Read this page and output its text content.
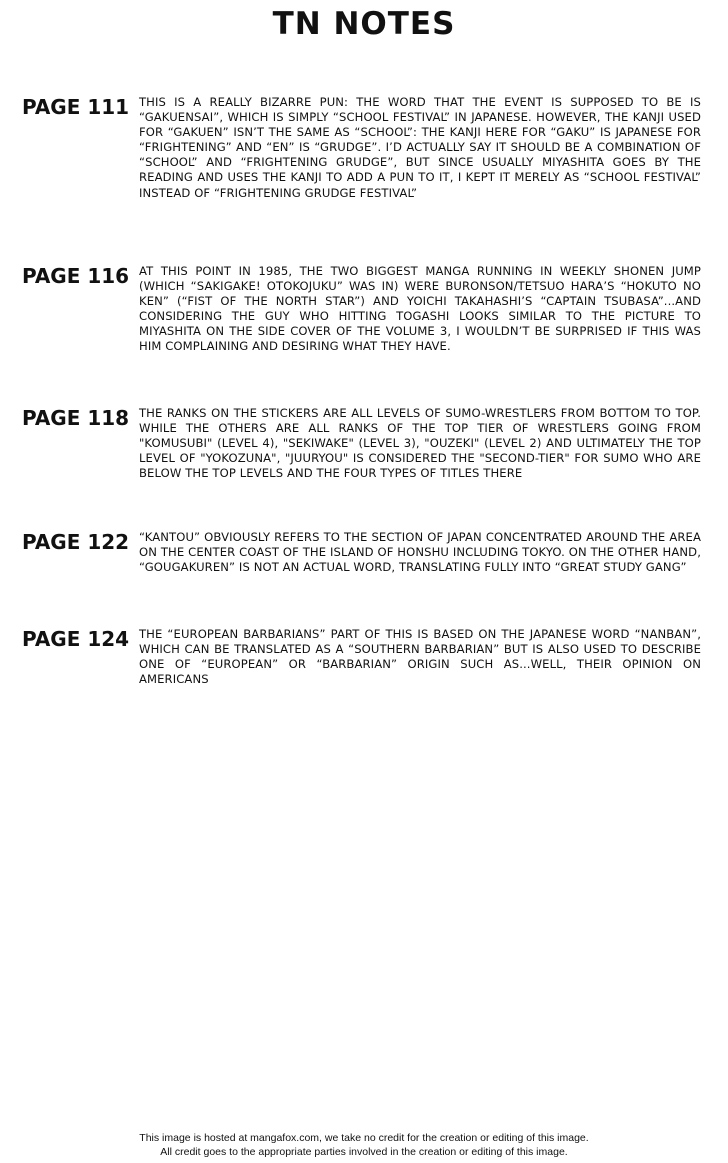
TN NOTES
PAGE 111 THIS IS A REALLY BIZARRE PUN: THE WORD THAT THE EVENT IS SUPPOSED TO BE IS “GAKUENSAI”, WHICH IS SIMPLY “SCHOOL FESTIVAL” IN JAPANESE. HOWEVER, THE KANJI USED FOR “GAKUEN” ISN’T THE SAME AS “SCHOOL”: THE KANJI HERE FOR “GAKU” IS JAPANESE FOR “FRIGHTENING” AND “EN” IS “GRUDGE”. I’D ACTUALLY SAY IT SHOULD BE A COMBINATION OF “SCHOOL” AND “FRIGHTENING GRUDGE”, BUT SINCE USUALLY MIYASHITA GOES BY THE READING AND USES THE KANJI TO ADD A PUN TO IT, I KEPT IT MERELY AS “SCHOOL FESTIVAL” INSTEAD OF “FRIGHTENING GRUDGE FESTIVAL”
PAGE 116 AT THIS POINT IN 1985, THE TWO BIGGEST MANGA RUNNING IN WEEKLY SHONEN JUMP (WHICH “SAKIGAKE! OTOKOJUKU” WAS IN) WERE BURONSON/TETSUO HARA’S “HOKUTO NO KEN” (“FIST OF THE NORTH STAR”) AND YOICHI TAKAHASHI’S “CAPTAIN TSUBASA”...AND CONSIDERING THE GUY WHO HITTING TOGASHI LOOKS SIMILAR TO THE PICTURE TO MIYASHITA ON THE SIDE COVER OF THE VOLUME 3, I WOULDN’T BE SURPRISED IF THIS WAS HIM COMPLAINING AND DESIRING WHAT THEY HAVE.
PAGE 118 THE RANKS ON THE STICKERS ARE ALL LEVELS OF SUMO-WRESTLERS FROM BOTTOM TO TOP. WHILE THE OTHERS ARE ALL RANKS OF THE TOP TIER OF WRESTLERS GOING FROM "KOMUSUBI" (LEVEL 4), "SEKIWAKE" (LEVEL 3), "OUZEKI" (LEVEL 2) AND ULTIMATELY THE TOP LEVEL OF "YOKOZUNA", "JUURYOU" IS CONSIDERED THE "SECOND-TIER" FOR SUMO WHO ARE BELOW THE TOP LEVELS AND THE FOUR TYPES OF TITLES THERE
PAGE 122 “KANTOU” OBVIOUSLY REFERS TO THE SECTION OF JAPAN CONCENTRATED AROUND THE AREA ON THE CENTER COAST OF THE ISLAND OF HONSHU INCLUDING TOKYO. ON THE OTHER HAND, “GOUGAKUREN” IS NOT AN ACTUAL WORD, TRANSLATING FULLY INTO “GREAT STUDY GANG”
PAGE 124 THE “EUROPEAN BARBARIANS” PART OF THIS IS BASED ON THE JAPANESE WORD “NANBAN”, WHICH CAN BE TRANSLATED AS A “SOUTHERN BARBARIAN” BUT IS ALSO USED TO DESCRIBE ONE OF “EUROPEAN” OR “BARBARIAN” ORIGIN SUCH AS...WELL, THEIR OPINION ON AMERICANS
This image is hosted at mangafox.com, we take no credit for the creation or editing of this image.
All credit goes to the appropriate parties involved in the creation or editing of this image.
